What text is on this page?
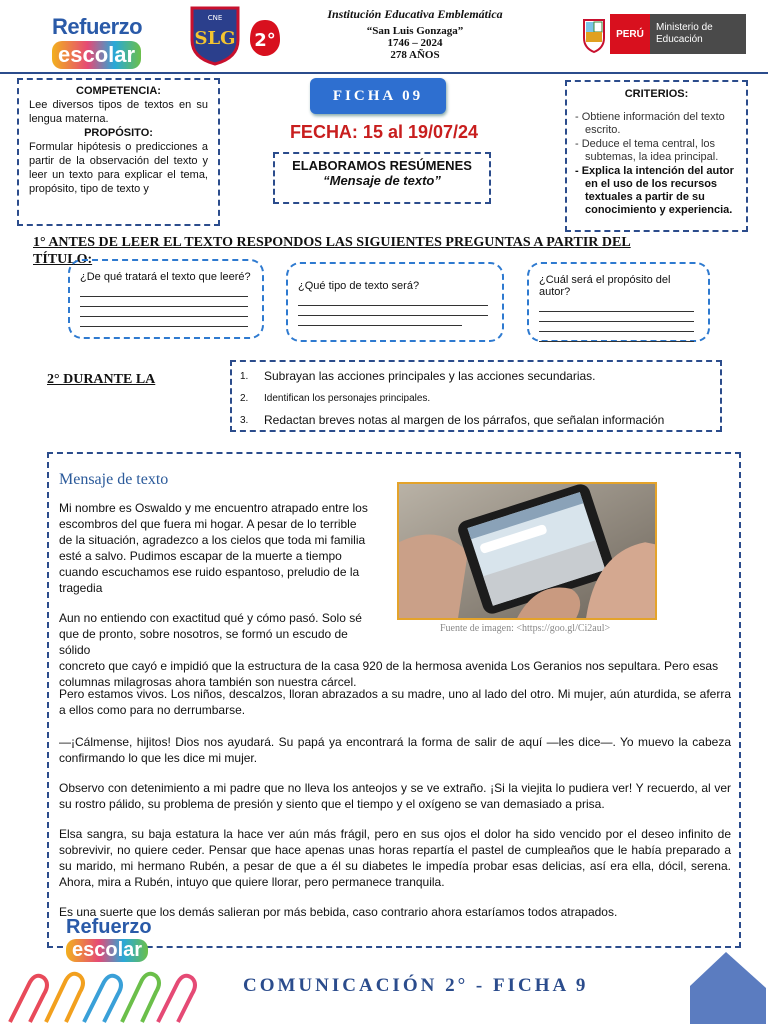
Refuerzo
escolar
CNE
SLG 2°
Institución Educativa Emblemática
“San Luis Gonzaga”
1746 – 2024
278 AÑOS
PERÚ
Ministerio de Educación
COMPETENCIA:
Lee diversos tipos de textos en su lengua materna.
PROPÓSITO:
Formular hipótesis o predicciones a partir de la observación del texto y leer un texto para explicar el tema, propósito, tipo de texto y
FICHA 09
FECHA: 15 al 19/07/24
ELABORAMOS RESÚMENES
“Mensaje de texto”
CRITERIOS:
- Obtiene información del texto escrito.
- Deduce el tema central, los subtemas, la idea principal.
- Explica la intención del autor en el uso de los recursos textuales a partir de su conocimiento y experiencia.
1° ANTES DE LEER EL TEXTO RESPONDOS LAS SIGUIENTES PREGUNTAS A PARTIR DEL TÍTULO:
¿De qué tratará el texto que leeré?
¿Qué tipo de texto será?	¿Cuál será el propósito del autor?
2° DURANTE LA	1.	Subrayan las acciones principales y las acciones secundarias.
2.	Identifican los personajes principales.
3.	Redactan breves notas al margen de los párrafos, que señalan información
Mensaje de texto
Fuente de imagen: <https://goo.gl/Ci2aul>
Mi nombre es Oswaldo y me encuentro atrapado entre los escombros del que fuera mi hogar. A pesar de lo terrible de la situación, agradezco a los cielos que toda mi familia esté a salvo. Pudimos escapar de la muerte a tiempo cuando escuchamos ese ruido espantoso, preludio de la tragedia
Aun no entiendo con exactitud qué y cómo pasó. Solo sé que de pronto, sobre nosotros, se formó un escudo de sólido
concreto que cayó e impidió que la estructura de la casa 920 de la hermosa avenida Los Geranios nos sepultara. Pero esas columnas milagrosas ahora también son nuestra cárcel.
Pero estamos vivos. Los niños, descalzos, lloran abrazados a su madre, uno al lado del otro. Mi mujer, aún aturdida, se aferra a ellos como para no derrumbarse.
—¡Cálmense, hijitos! Dios nos ayudará. Su papá ya encontrará la forma de salir de aquí —les dice—. Yo muevo la cabeza confirmando lo que les dice mi mujer.
Observo con detenimiento a mi padre que no lleva los anteojos y se ve extraño. ¡Si la viejita lo pudiera ver! Y recuerdo, al ver su rostro pálido, su problema de presión y siento que el tiempo y el oxígeno se van demasiado a prisa.
Elsa sangra, su baja estatura la hace ver aún más frágil, pero en sus ojos el dolor ha sido vencido por el deseo infinito de sobrevivir, no quiere ceder. Pensar que hace apenas unas horas repartía el pastel de cumpleaños que le había preparado a su marido, mi hermano Rubén, a pesar de que a él su diabetes le impedía probar esas delicias, así era ella, dócil, serena. Ahora, mira a Rubén, intuyo que quiere llorar, pero permanece tranquila.
Es una suerte que los demás salieran por más bebida, caso contrario ahora estaríamos todos atrapados.
Refuerzo
escolar
COMUNICACIÓN 2° - FICHA 9
